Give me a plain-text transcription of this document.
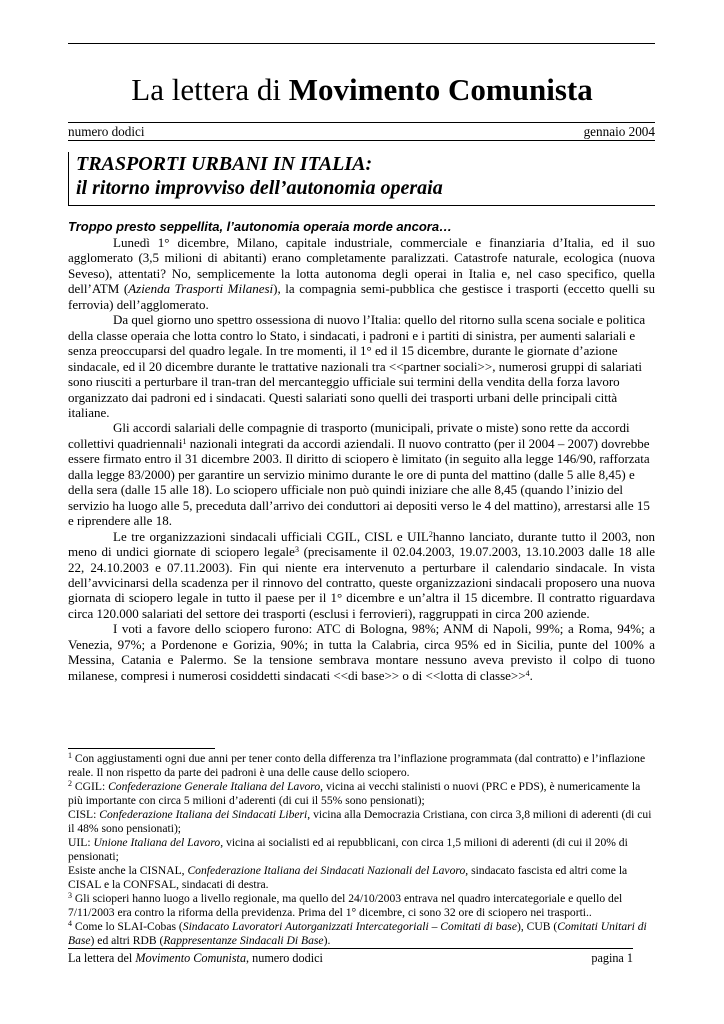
La lettera di Movimento Comunista
numero dodici	gennaio 2004
TRASPORTI URBANI IN ITALIA:
il ritorno improvviso dell’autonomia operaia
Troppo presto seppellita, l’autonomia operaia morde ancora…

Lunedì 1° dicembre, Milano, capitale industriale, commerciale e finanziaria d’Italia, ed il suo agglomerato (3,5 milioni di abitanti) erano completamente paralizzati. Catastrofe naturale, ecologica (nuova Seveso), attentati? No, semplicemente la lotta autonoma degli operai in Italia e, nel caso specifico, quella dell’ATM (Azienda Trasporti Milanesi), la compagnia semi-pubblica che gestisce i trasporti (eccetto quelli su ferrovia) dell’agglomerato.

Da quel giorno uno spettro ossessiona di nuovo l’Italia: quello del ritorno sulla scena sociale e politica della classe operaia che lotta contro lo Stato, i sindacati, i padroni e i partiti di sinistra, per aumenti salariali e senza preoccuparsi del quadro legale. In tre momenti, il 1° ed il 15 dicembre, durante le giornate d’azione sindacale, ed il 20 dicembre durante le trattative nazionali tra <<partner sociali>>, numerosi gruppi di salariati sono riusciti a perturbare il tran-tran del mercanteggio ufficiale sui termini della vendita della forza lavoro organizzato dai padroni ed i sindacati. Questi salariati sono quelli dei trasporti urbani delle principali città italiane.

Gli accordi salariali delle compagnie di trasporto (municipali, private o miste) sono rette da accordi collettivi quadriennali$^1$ nazionali integrati da accordi aziendali. Il nuovo contratto (per il 2004 – 2007) dovrebbe essere firmato entro il 31 dicembre 2003. Il diritto di sciopero è limitato (in seguito alla legge 146/90, rafforzata dalla legge 83/2000) per garantire un servizio minimo durante le ore di punta del mattino (dalle 5 alle 8,45) e della sera (dalle 15 alle 18). Lo sciopero ufficiale non può quindi iniziare che alle 8,45 (quando l’inizio del servizio ha luogo alle 5, preceduta dall’arrivo dei conduttori ai depositi verso le 4 del mattino), arrestarsi alle 15 e riprendere alle 18.

Le tre organizzazioni sindacali ufficiali CGIL, CISL e UIL$^2$hanno lanciato, durante tutto il 2003, non meno di undici giornate di sciopero legale$^3$ (precisamente il 02.04.2003, 19.07.2003, 13.10.2003 dalle 18 alle 22, 24.10.2003 e 07.11.2003). Fin qui niente era intervenuto a perturbare il calendario sindacale. In vista dell’avvicinarsi della scadenza per il rinnovo del contratto, queste organizzazioni sindacali proposero una nuova giornata di sciopero legale in tutto il paese per il 1° dicembre e un’altra il 15 dicembre. Il contratto riguardava circa 120.000 salariati del settore dei trasporti (esclusi i ferrovieri), raggruppati in circa 200 aziende.

I voti a favore dello sciopero furono: ATC di Bologna, 98%; ANM di Napoli, 99%; a Roma, 94%; a Venezia, 97%; a Pordenone e Gorizia, 90%; in tutta la Calabria, circa 95% ed in Sicilia, punte del 100% a Messina, Catania e Palermo. Se la tensione sembrava montare nessuno aveva previsto il colpo di tuono milanese, compresi i numerosi cosiddetti sindacati <<di base>> o di <<lotta di classe>>$^4$.

$^1$ Con aggiustamenti ogni due anni per tener conto della differenza tra l’inflazione programmata (dal contratto) e l’inflazione reale. Il non rispetto da parte dei padroni è una delle cause dello sciopero.
$^2$ CGIL: Confederazione Generale Italiana del Lavoro, vicina ai vecchi stalinisti o nuovi (PRC e PDS), è numericamente la più importante con circa 5 milioni d’aderenti (di cui il 55% sono pensionati);
CISL: Confederazione Italiana dei Sindacati Liberi, vicina alla Democrazia Cristiana, con circa 3,8 milioni di aderenti (di cui il 48% sono pensionati);
UIL: Unione Italiana del Lavoro, vicina ai socialisti ed ai repubblicani, con circa 1,5 milioni di aderenti (di cui il 20% di pensionati;
Esiste anche la CISNAL, Confederazione Italiana dei Sindacati Nazionali del Lavoro, sindacato fascista ed altri come la CISAL e la CONFSAL, sindacati di destra.
$^3$ Gli scioperi hanno luogo a livello regionale, ma quello del 24/10/2003 entrava nel quadro intercategoriale e quello del 7/11/2003 era contro la riforma della previdenza. Prima del 1° dicembre, ci sono 32 ore di sciopero nei trasporti..
$^4$ Come lo SLAI-Cobas (Sindacato Lavoratori Autorganizzati Intercategoriali – Comitati di base), CUB (Comitati Unitari di Base) ed altri RDB (Rappresentanze Sindacali Di Base).
La lettera del Movimento Comunista, numero dodici	pagina 1
